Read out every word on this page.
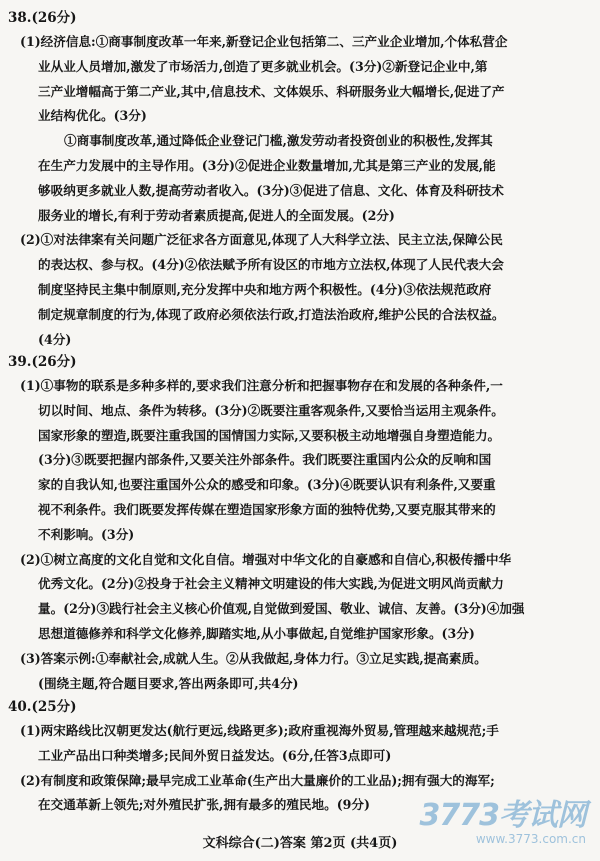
38.(26分)
(1)经济信息:①商事制度改革一年来,新登记企业包括第二、三产业企业增加,个体私营企
业从业人员增加,激发了市场活力,创造了更多就业机会。(3分)②新登记企业中,第
三产业增幅高于第二产业,其中,信息技术、文体娱乐、科研服务业大幅增长,促进了产
业结构优化。(3分)
①商事制度改革,通过降低企业登记门槛,激发劳动者投资创业的积极性,发挥其
在生产力发展中的主导作用。(3分)②促进企业数量增加,尤其是第三产业的发展,能
够吸纳更多就业人数,提高劳动者收入。(3分)③促进了信息、文化、体育及科研技术
服务业的增长,有利于劳动者素质提高,促进人的全面发展。(2分)
(2)①对法律案有关问题广泛征求各方面意见,体现了人大科学立法、民主立法,保障公民
的表达权、参与权。(4分)②依法赋予所有设区的市地方立法权,体现了人民代表大会
制度坚持民主集中制原则,充分发挥中央和地方两个积极性。(4分)③依法规范政府
制定规章制度的行为,体现了政府必须依法行政,打造法治政府,维护公民的合法权益。
(4分)
39.(26分)
(1)①事物的联系是多种多样的,要求我们注意分析和把握事物存在和发展的各种条件,一
切以时间、地点、条件为转移。(3分)②既要注重客观条件,又要恰当运用主观条件。
国家形象的塑造,既要注重我国的国情国力实际,又要积极主动地增强自身塑造能力。
(3分)③既要把握内部条件,又要关注外部条件。我们既要注重国内公众的反响和国
家的自我认知,也要注重国外公众的感受和印象。(3分)④既要认识有利条件,又要重
视不利条件。我们既要发挥传媒在塑造国家形象方面的独特优势,又要克服其带来的
不利影响。(3分)
(2)①树立高度的文化自觉和文化自信。增强对中华文化的自豪感和自信心,积极传播中华
优秀文化。(2分)②投身于社会主义精神文明建设的伟大实践,为促进文明风尚贡献力
量。(2分)③践行社会主义核心价值观,自觉做到爱国、敬业、诚信、友善。(3分)④加强
思想道德修养和科学文化修养,脚踏实地,从小事做起,自觉维护国家形象。(3分)
(3)答案示例:①奉献社会,成就人生。②从我做起,身体力行。③立足实践,提高素质。
(围绕主题,符合题目要求,答出两条即可,共4分)
40.(25分)
(1)两宋路线比汉朝更发达(航行更远,线路更多);政府重视海外贸易,管理越来越规范;手
工业产品出口种类增多;民间外贸日益发达。(6分,任答3点即可)
(2)有制度和政策保障;最早完成工业革命(生产出大量廉价的工业品);拥有强大的海军;
在交通革新上领先;对外殖民扩张,拥有最多的殖民地。(9分)	3773考试网
www.3773.com.cn
文科综合(二)答案 第2页 (共4页)
